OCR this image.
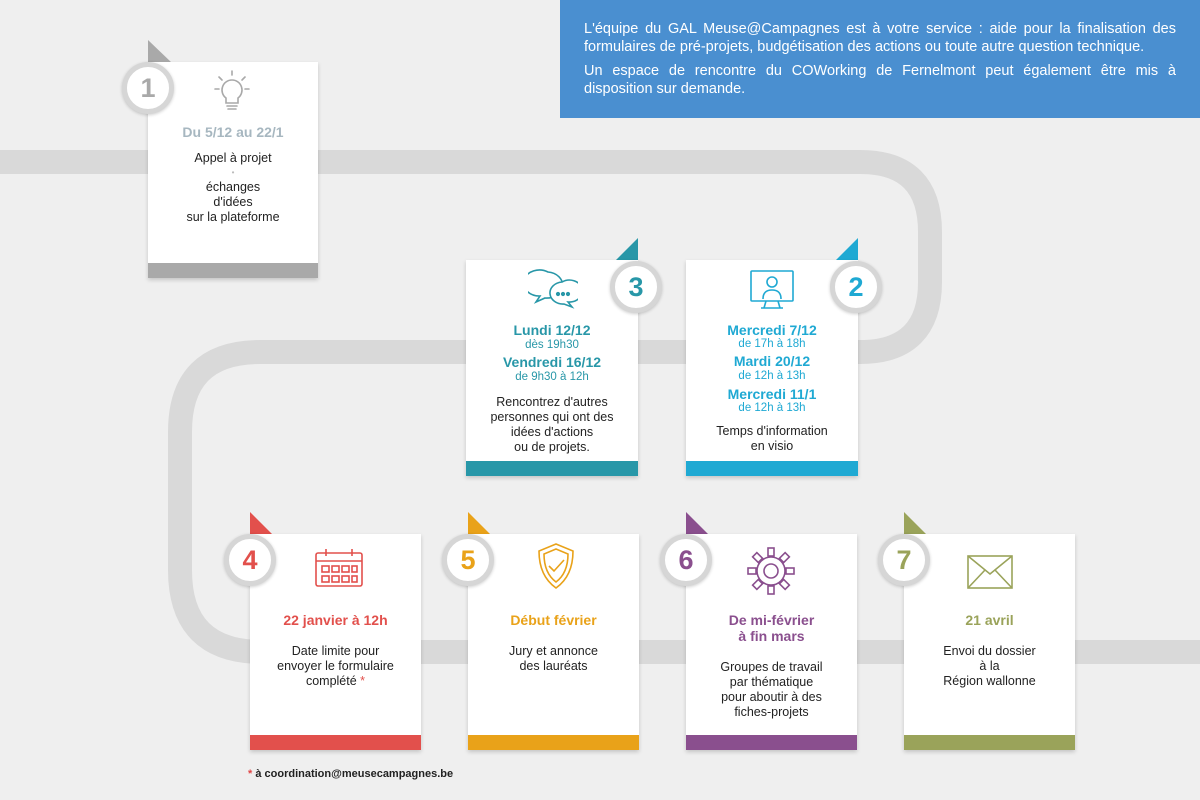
L'équipe du GAL Meuse@Campagnes est à votre service : aide pour la finalisation des formulaires de pré-projets, budgétisation des actions ou toute autre question technique.

Un espace de rencontre du COWorking de Fernelmont peut également être mis à disposition sur demande.

Du 5/12 au 22/1
Appel à projet
•
échanges
d'idées
sur la plateforme
1
Lundi 12/12
dès 19h30
Vendredi 16/12
de 9h30 à 12h
Rencontrez d'autres
personnes qui ont des
idées d'actions
ou de projets.
3
Mercredi 7/12
de 17h à 18h
Mardi 20/12
de 12h à 13h
Mercredi 11/1
de 12h à 13h
Temps d'information
en visio
2
22 janvier à 12h
Date limite pour
envoyer le formulaire
complété *
4
Début février
Jury et annonce
des lauréats
5
De mi-février
à fin mars
Groupes de travail
par thématique
pour aboutir à des
fiches-projets
6
21 avril
Envoi du dossier
à la
Région wallonne
7
* à coordination@meusecampagnes.be
